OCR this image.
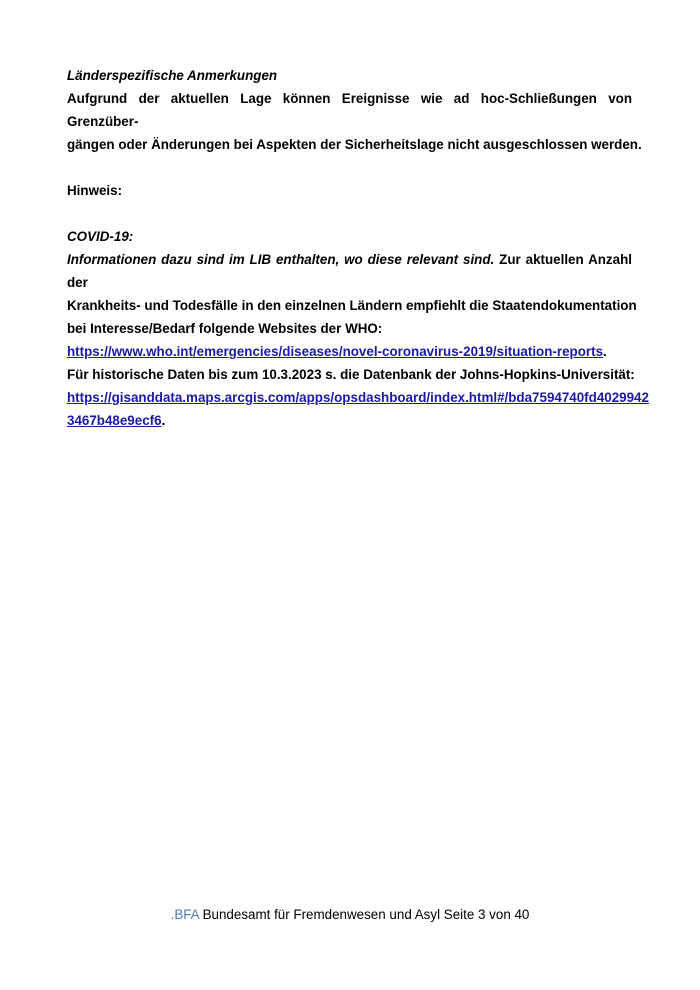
Länderspezifische Anmerkungen
Aufgrund der aktuellen Lage können Ereignisse wie ad hoc-Schließungen von Grenzüber-
gängen oder Änderungen bei Aspekten der Sicherheitslage nicht ausgeschlossen werden.
Hinweis:
COVID-19:
Informationen dazu sind im LIB enthalten, wo diese relevant sind. Zur aktuellen Anzahl der
Krankheits- und Todesfälle in den einzelnen Ländern empfiehlt die Staatendokumentation
bei Interesse/Bedarf folgende Websites der WHO:
https://www.who.int/emergencies/diseases/novel-coronavirus-2019/situation-reports.
Für historische Daten bis zum 10.3.2023 s. die Datenbank der Johns-Hopkins-Universität:
https://gisanddata.maps.arcgis.com/apps/opsdashboard/index.html#/bda7594740fd4029942
3467b48e9ecf6.
.BFA Bundesamt für Fremdenwesen und Asyl Seite 3 von 40
